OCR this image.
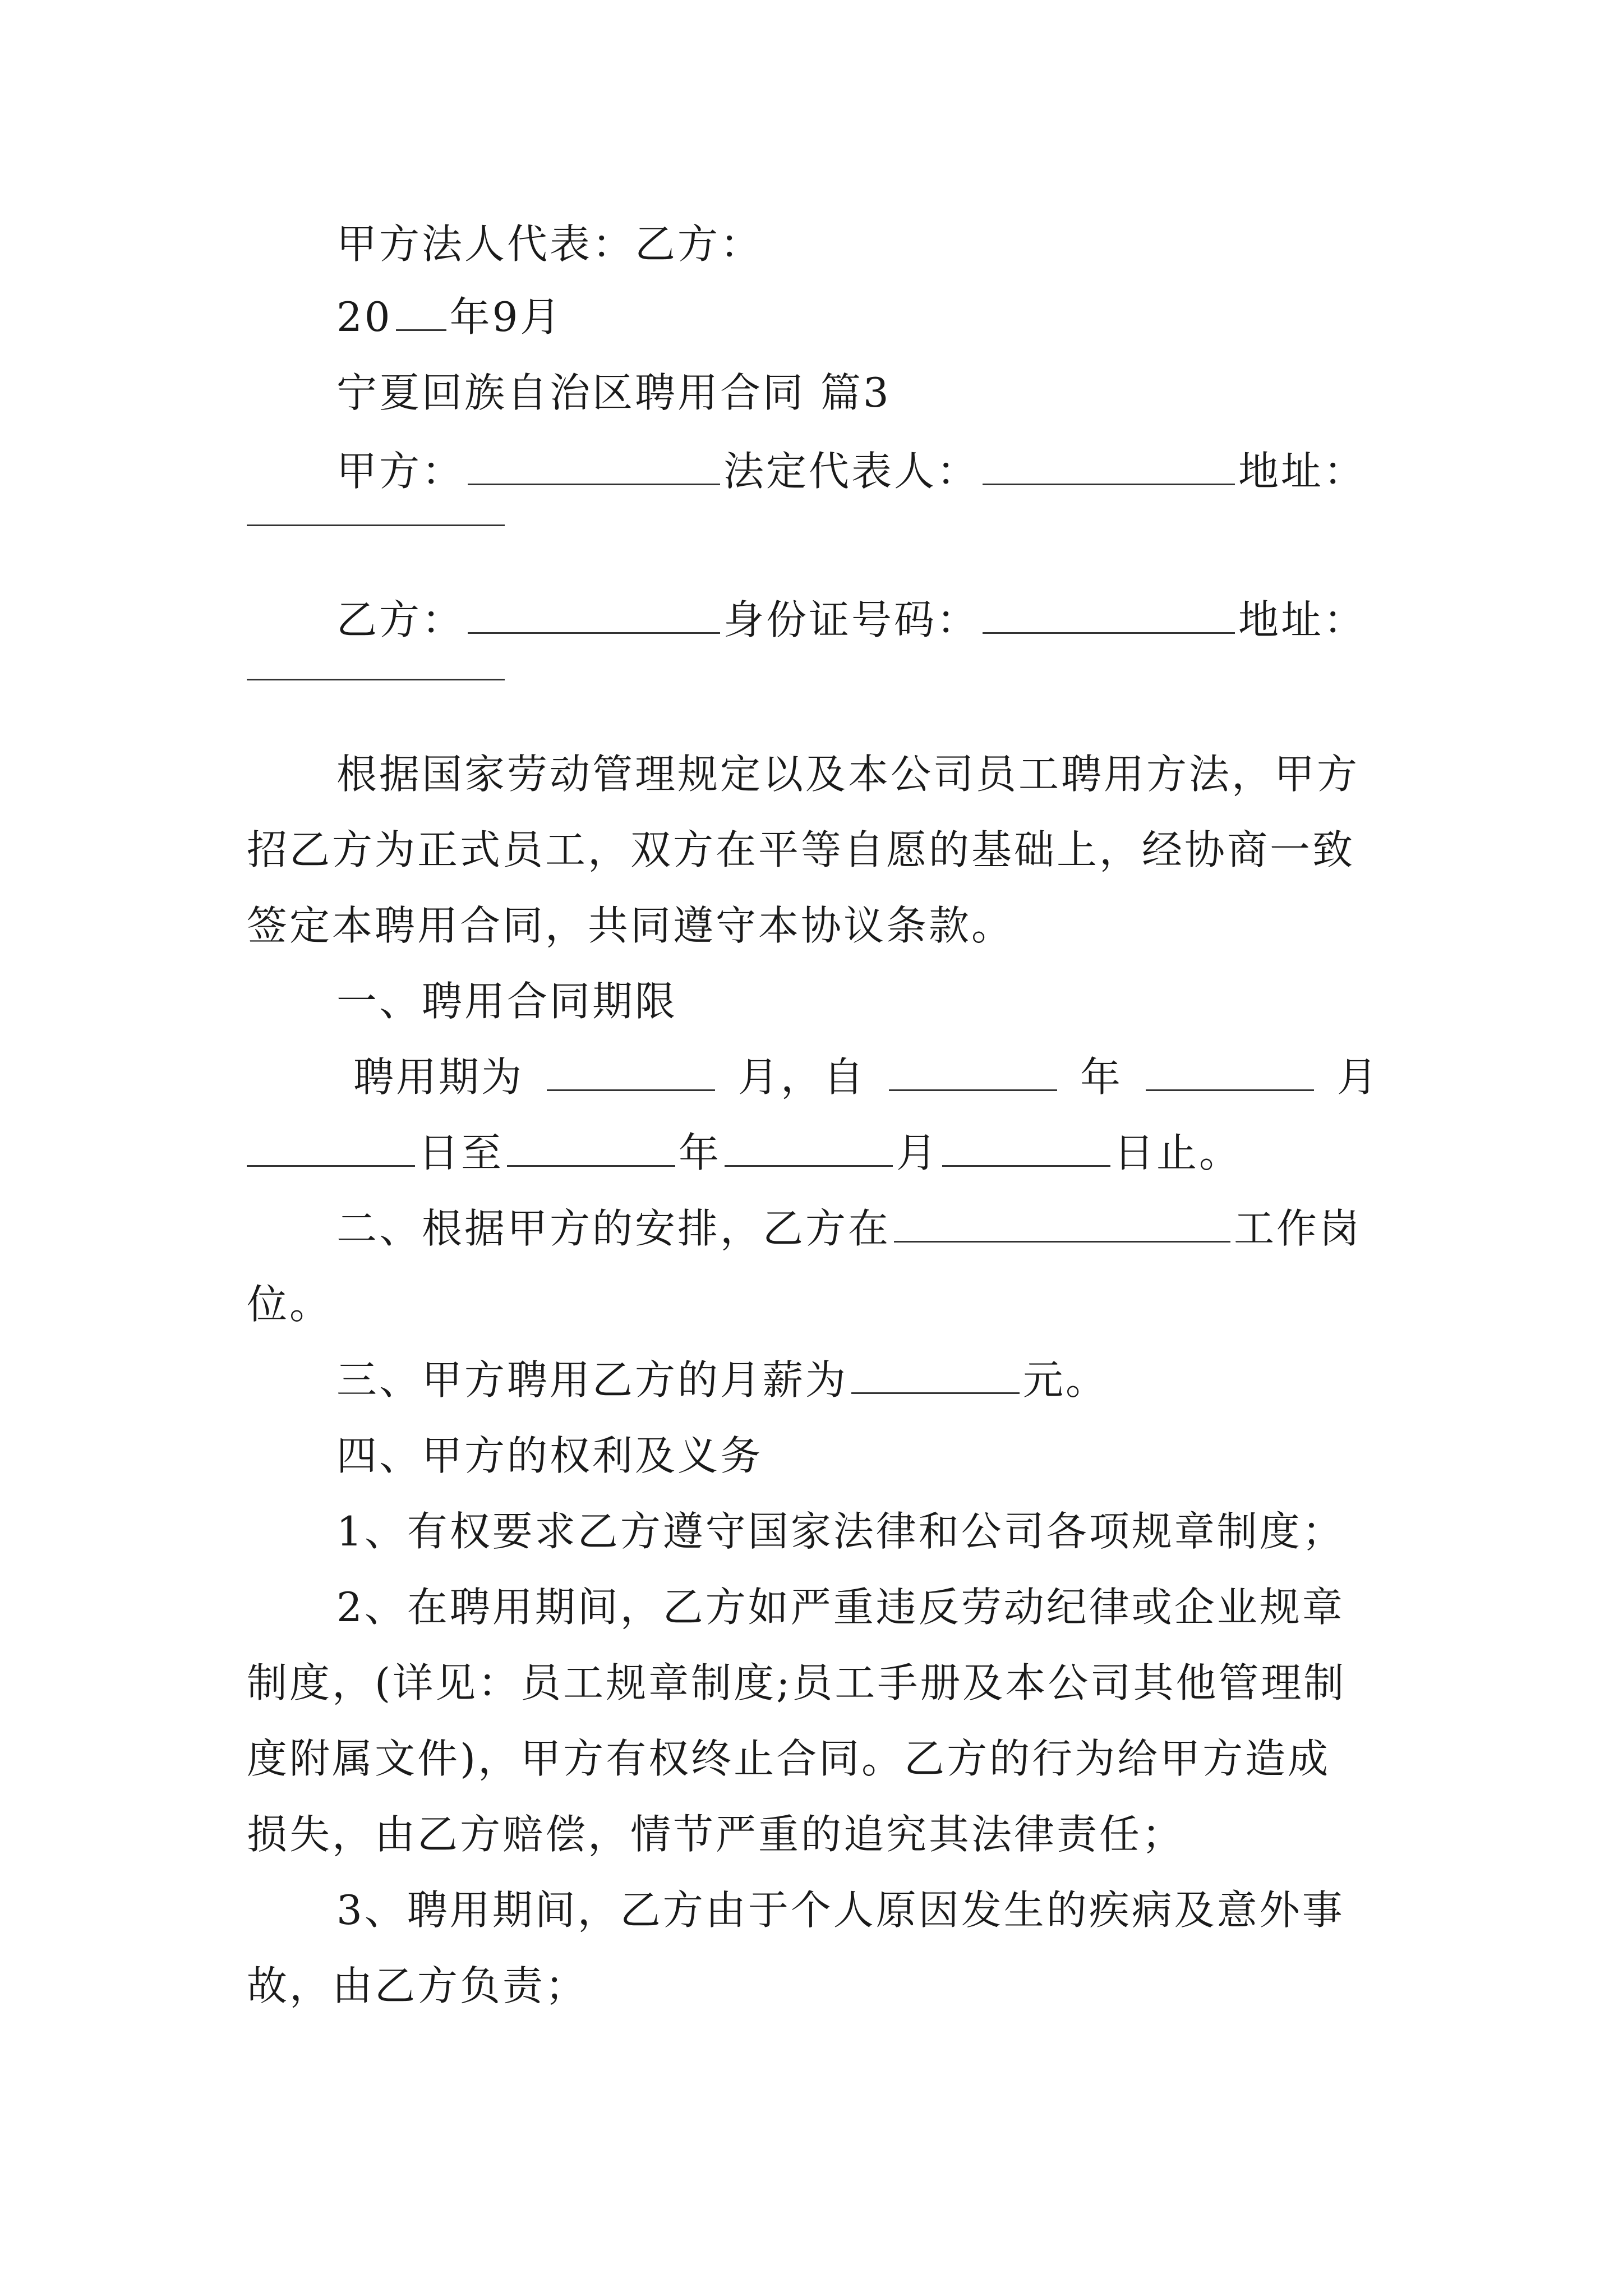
甲方法人代表：乙方：
20 年9月
宁夏回族自治区聘用合同 篇3
甲方：	法定代表人：	地址：
乙方：	身份证号码：	地址：
根据国家劳动管理规定以及本公司员工聘用方法，甲方
招乙方为正式员工，双方在平等自愿的基础上，经协商一致
签定本聘用合同，共同遵守本协议条款。
一、聘用合同期限
聘用期为	月，自	年	月
日至	年	月	日止。
二、根据甲方的安排，乙方在	工作岗
位。
三、甲方聘用乙方的月薪为	元。
四、甲方的权利及义务
1、有权要求乙方遵守国家法律和公司各项规章制度；
2、在聘用期间，乙方如严重违反劳动纪律或企业规章
制度，(详见：员工规章制度;员工手册及本公司其他管理制
度附属文件)，甲方有权终止合同。乙方的行为给甲方造成
损失，由乙方赔偿，情节严重的追究其法律责任；
3、聘用期间，乙方由于个人原因发生的疾病及意外事
故，由乙方负责；
